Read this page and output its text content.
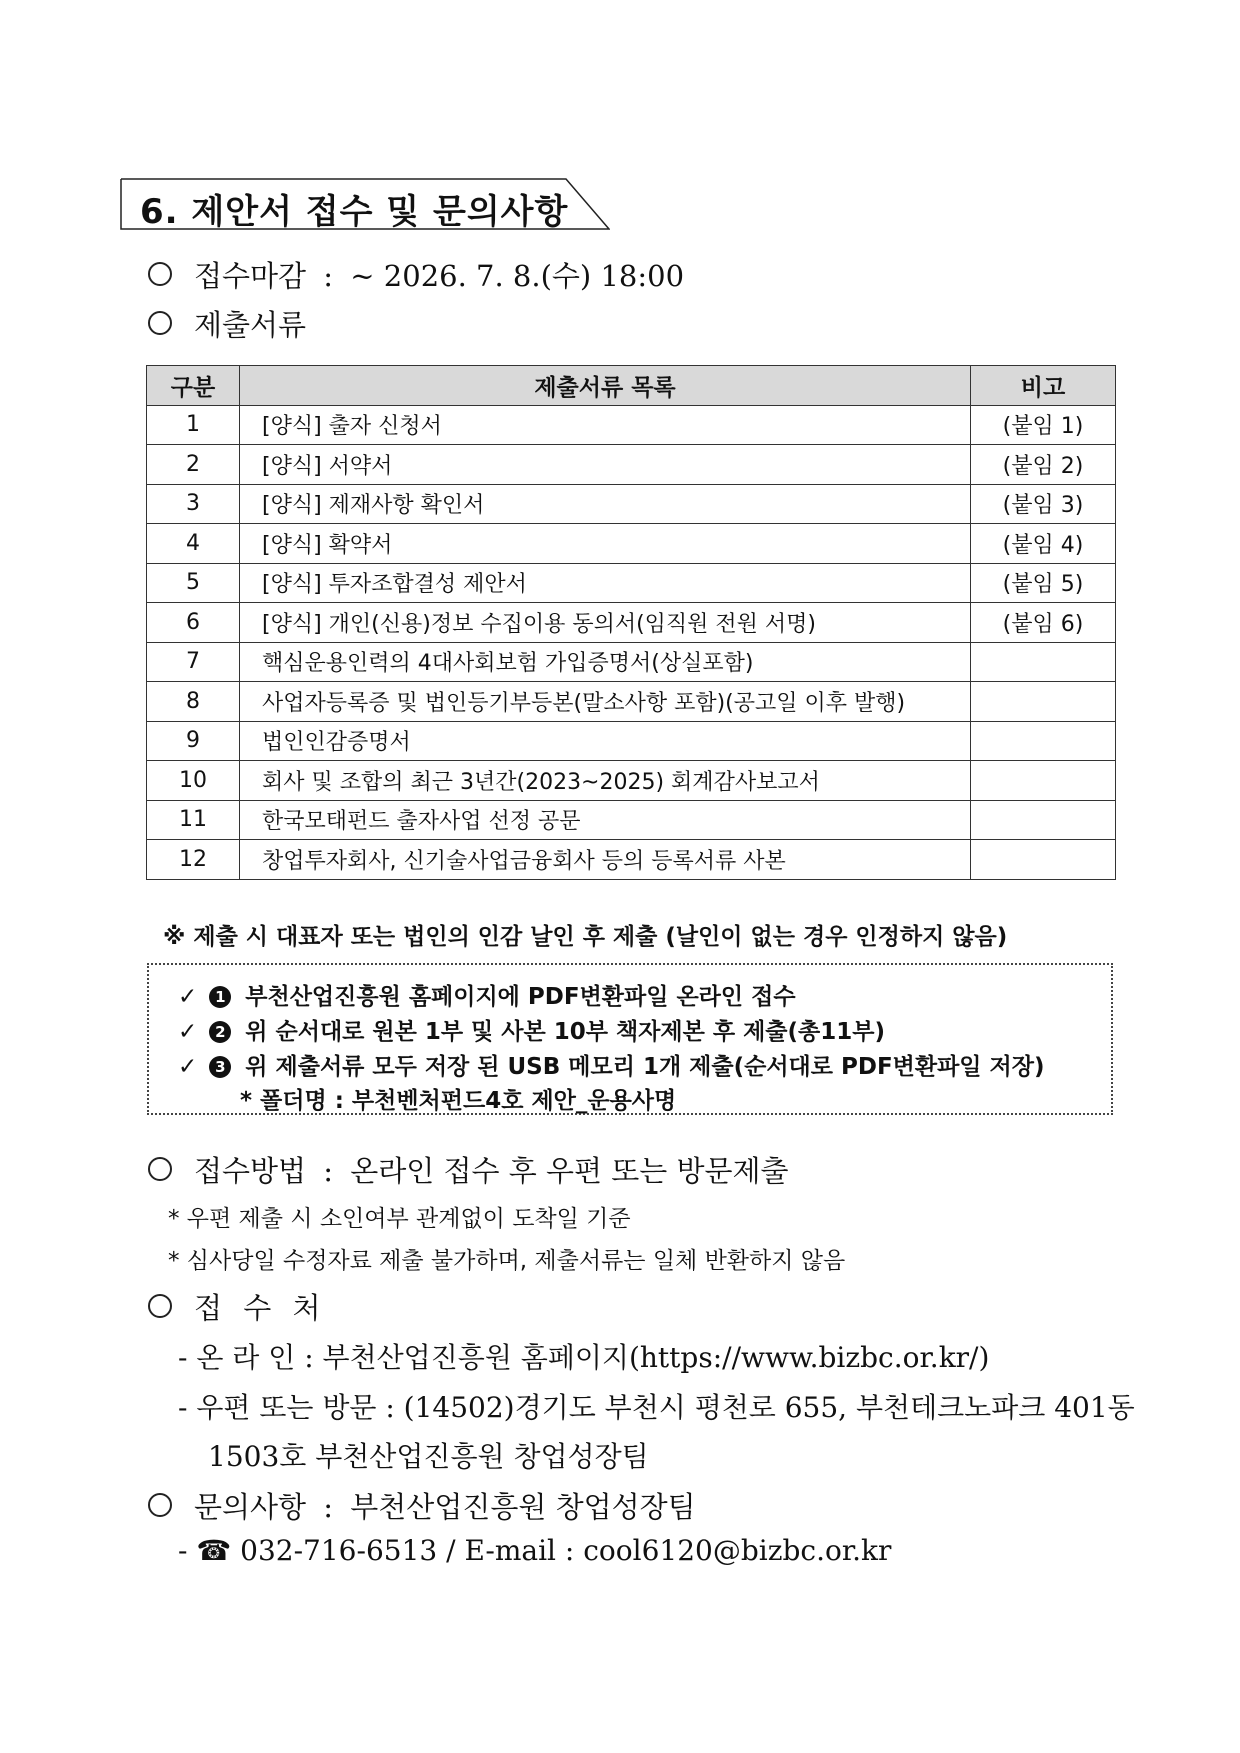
6. 제안서 접수 및 문의사항
접수마감 : ~ 2026. 7. 8.(수) 18:00
제출서류
구분	제출서류 목록	비고
1	[양식] 출자 신청서	(붙임 1)
2	[양식] 서약서	(붙임 2)
3	[양식] 제재사항 확인서	(붙임 3)
4	[양식] 확약서	(붙임 4)
5	[양식] 투자조합결성 제안서	(붙임 5)
6	[양식] 개인(신용)정보 수집이용 동의서(임직원 전원 서명)	(붙임 6)
7	핵심운용인력의 4대사회보험 가입증명서(상실포함)	
8	사업자등록증 및 법인등기부등본(말소사항 포함)(공고일 이후 발행)	
9	법인인감증명서	
10	회사 및 조합의 최근 3년간(2023~2025) 회계감사보고서	
11	한국모태펀드 출자사업 선정 공문	
12	창업투자회사, 신기술사업금융회사 등의 등록서류 사본	
※ 제출 시 대표자 또는 법인의 인감 날인 후 제출 (날인이 없는 경우 인정하지 않음)
✓ 1 부천산업진흥원 홈페이지에 PDF변환파일 온라인 접수
✓ 2 위 순서대로 원본 1부 및 사본 10부 책자제본 후 제출(총11부)
✓ 3 위 제출서류 모두 저장 된 USB 메모리 1개 제출(순서대로 PDF변환파일 저장)
* 폴더명 : 부천벤처펀드4호 제안_운용사명
접수방법 : 온라인 접수 후 우편 또는 방문제출
* 우편 제출 시 소인여부 관계없이 도착일 기준
* 심사당일 수정자료 제출 불가하며, 제출서류는 일체 반환하지 않음
접 수 처
- 온 라 인 : 부천산업진흥원 홈페이지(https://www.bizbc.or.kr/)
- 우편 또는 방문 : (14502)경기도 부천시 평천로 655, 부천테크노파크 401동
1503호 부천산업진흥원 창업성장팀
문의사항 : 부천산업진흥원 창업성장팀
- ☎ 032-716-6513 / E-mail : cool6120@bizbc.or.kr
